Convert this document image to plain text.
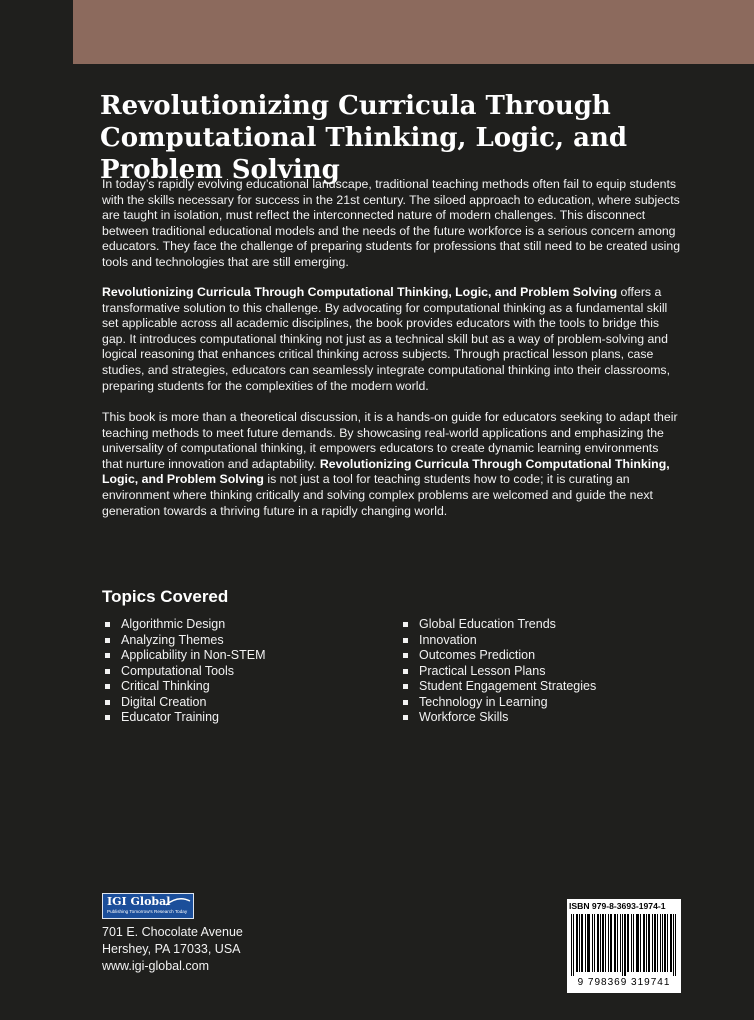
Revolutionizing Curricula Through Computational Thinking, Logic, and Problem Solving

In today’s rapidly evolving educational landscape, traditional teaching methods often fail to equip students with the skills necessary for success in the 21st century. The siloed approach to education, where subjects are taught in isolation, must reflect the interconnected nature of modern challenges. This disconnect between traditional educational models and the needs of the future workforce is a serious concern among educators. They face the challenge of preparing students for professions that still need to be created using tools and technologies that are still emerging.

Revolutionizing Curricula Through Computational Thinking, Logic, and Problem Solving offers a transformative solution to this challenge. By advocating for computational thinking as a fundamental skill set applicable across all academic disciplines, the book provides educators with the tools to bridge this gap. It introduces computational thinking not just as a technical skill but as a way of problem-solving and logical reasoning that enhances critical thinking across subjects. Through practical lesson plans, case studies, and strategies, educators can seamlessly integrate computational thinking into their classrooms, preparing students for the complexities of the modern world.

This book is more than a theoretical discussion, it is a hands-on guide for educators seeking to adapt their teaching methods to meet future demands. By showcasing real-world applications and emphasizing the universality of computational thinking, it empowers educators to create dynamic learning environments that nurture innovation and adaptability. Revolutionizing Curricula Through Computational Thinking, Logic, and Problem Solving is not just a tool for teaching students how to code; it is curating an environment where thinking critically and solving complex problems are welcomed and guide the next generation towards a thriving future in a rapidly changing world.

Topics Covered
Algorithmic Design
Analyzing Themes
Applicability in Non-STEM
Computational Tools
Critical Thinking
Digital Creation
Educator Training
Global Education Trends
Innovation
Outcomes Prediction
Practical Lesson Plans
Student Engagement Strategies
Technology in Learning
Workforce Skills
IGI Global
Publishing Tomorrow's Research Today

701 E. Chocolate Avenue

Hershey, PA 17033, USA

www.igi-global.com

ISBN 979-8-3693-1974-1
9 798369 319741
